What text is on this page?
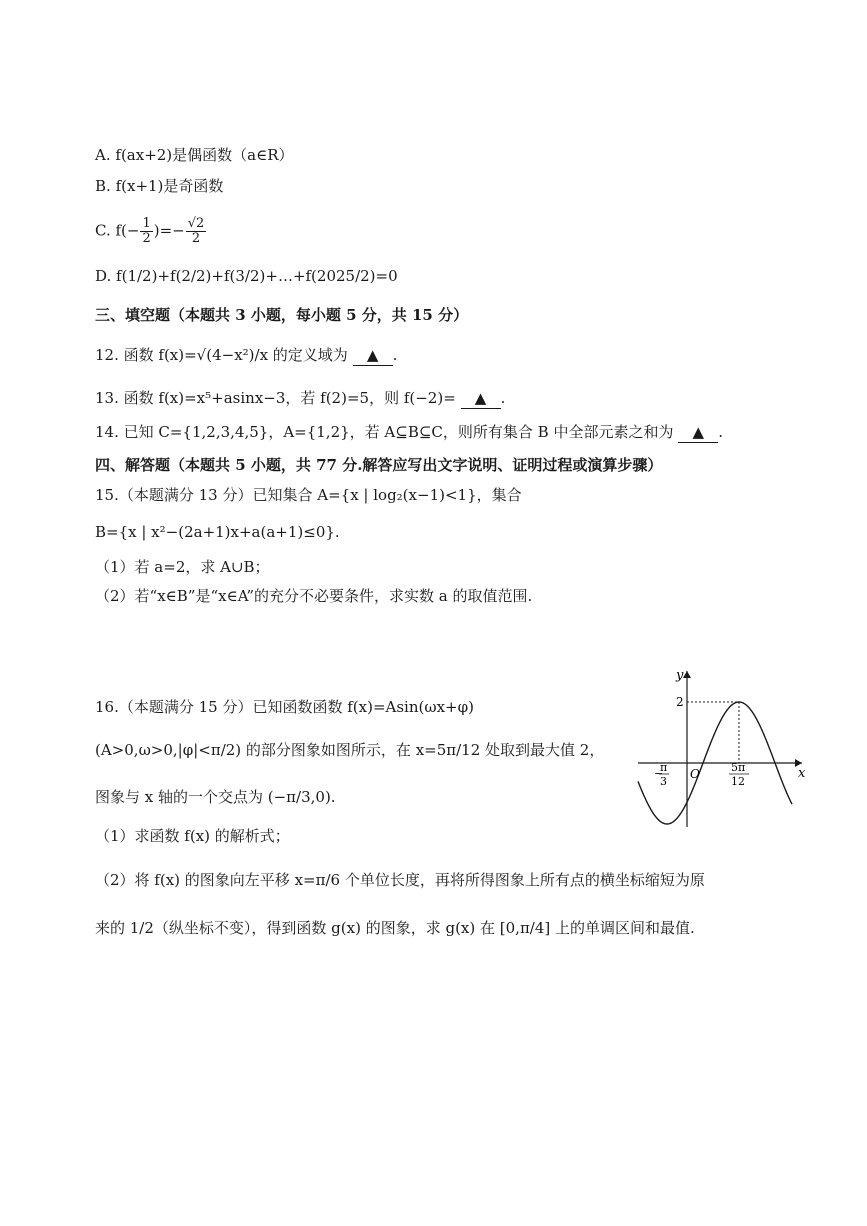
A. f(ax+2)是偶函数（a∈R）
B. f(x+1)是奇函数
C. $f(- \frac{1}{2}$ )=− $\frac{√2}{2}$
D. f(1/2)+f(2/2)+f(3/2)+…+f(2025/2)=0
三、填空题（本题共 3 小题，每小题 5 分，共 15 分）
12. 函数 f(x)=√(4−x²)/x 的定义域为 ▲ .
13. 函数 f(x)=x⁵+asinx−3，若 f(2)=5，则 f(−2)= ▲ .
14. 已知 C={1,2,3,4,5}，A={1,2}，若 A⊆B⊆C，则所有集合 B 中全部元素之和为 ▲ .
四、解答题（本题共 5 小题，共 77 分.解答应写出文字说明、证明过程或演算步骤）
15.（本题满分 13 分）已知集合 A={x | log₂(x−1)<1}，集合
B={x | x²−(2a+1)x+a(a+1)≤0}.
（1）若 a=2，求 A∪B；
（2）若“x∈B”是“x∈A”的充分不必要条件，求实数 a 的取值范围.
16.（本题满分 15 分）已知函数函数 f(x)=Asin(ωx+φ)
(A>0,ω>0,|φ|<π/2) 的部分图象如图所示，在 x=5π/12 处取到最大值 2，
图象与 x 轴的一个交点为 (−π/3,0).
（1）求函数 f(x) 的解析式；
（2）将 f(x) 的图象向左平移 x=π/6 个单位长度，再将所得图象上所有点的横坐标缩短为原
来的 1/2（纵坐标不变），得到函数 g(x) 的图象，求 g(x) 在 [0,π/4] 上的单调区间和最值.
y
x
O
2
−
π
3
5π
12
